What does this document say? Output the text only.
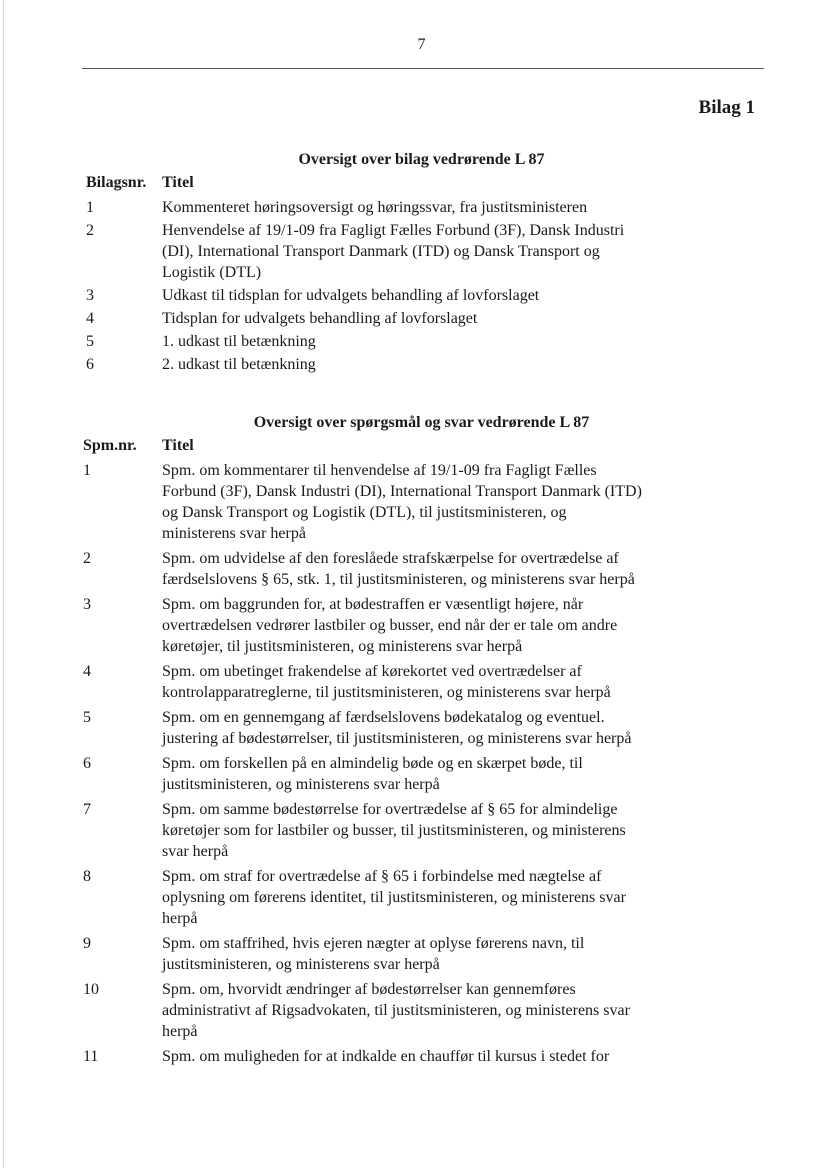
7
Bilag 1
Oversigt over bilag vedrørende L 87
Bilagsnr. Titel
1	Kommenteret høringsoversigt og høringssvar, fra justitsministeren
2	Henvendelse af 19/1-09 fra Fagligt Fælles Forbund (3F), Dansk Industri (DI), International Transport Danmark (ITD) og Dansk Transport og Logistik (DTL)
3	Udkast til tidsplan for udvalgets behandling af lovforslaget
4	Tidsplan for udvalgets behandling af lovforslaget
5	1. udkast til betænkning
6	2. udkast til betænkning
Oversigt over spørgsmål og svar vedrørende L 87
Spm.nr. Titel
1	Spm. om kommentarer til henvendelse af 19/1-09 fra Fagligt Fælles Forbund (3F), Dansk Industri (DI), International Transport Danmark (ITD) og Dansk Transport og Logistik (DTL), til justitsministeren, og ministerens svar herpå
2	Spm. om udvidelse af den foreslåede strafskærpelse for overtrædelse af færdselslovens § 65, stk. 1, til justitsministeren, og ministerens svar herpå
3	Spm. om baggrunden for, at bødestraffen er væsentligt højere, når overtrædelsen vedrører lastbiler og busser, end når der er tale om andre køretøjer, til justitsministeren, og ministerens svar herpå
4	Spm. om ubetinget frakendelse af kørekortet ved overtrædelser af kontrolapparatreglerne, til justitsministeren, og ministerens svar herpå
5	Spm. om en gennemgang af færdselslovens bødekatalog og eventuel. justering af bødestørrelser, til justitsministeren, og ministerens svar herpå
6	Spm. om forskellen på en almindelig bøde og en skærpet bøde, til justitsministeren, og ministerens svar herpå
7	Spm. om samme bødestørrelse for overtrædelse af § 65 for almindelige køretøjer som for lastbiler og busser, til justitsministeren, og ministerens svar herpå
8	Spm. om straf for overtrædelse af § 65 i forbindelse med nægtelse af oplysning om førerens identitet, til justitsministeren, og ministerens svar herpå
9	Spm. om staffrihed, hvis ejeren nægter at oplyse førerens navn, til justitsministeren, og ministerens svar herpå
10	Spm. om, hvorvidt ændringer af bødestørrelser kan gennemføres administrativt af Rigsadvokaten, til justitsministeren, og ministerens svar herpå
11	Spm. om muligheden for at indkalde en chauffør til kursus i stedet for
